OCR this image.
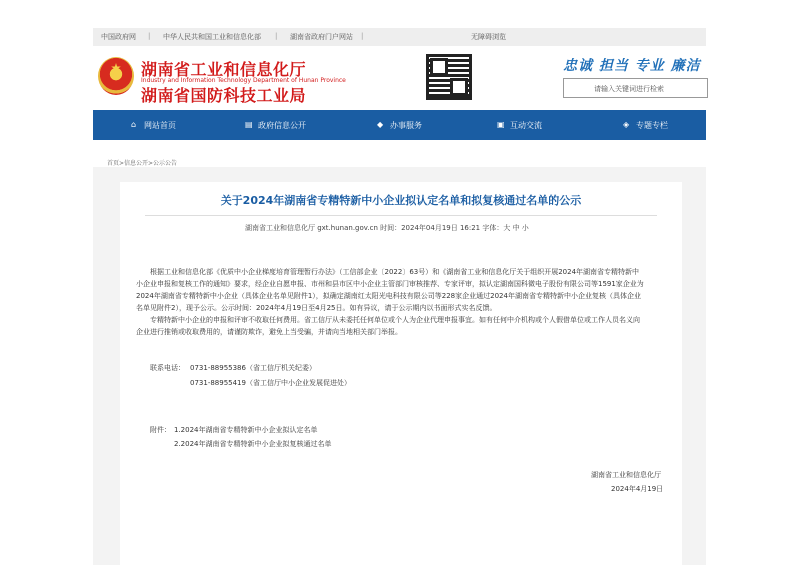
中国政府网 | 中华人民共和国工业和信息化部 | 湖南省政府门户网站 |	无障碍浏览
湖南省工业和信息化厅
Industry and Information Technology Department of Hunan Province
湖南省国防科技工业局
忠诚 担当 专业 廉洁
请输入关键词进行检索
⌂ 网站首页	▤ 政府信息公开	◆ 办事服务	▣ 互动交流	◈ 专题专栏
首页>信息公开>公示公告
关于2024年湖南省专精特新中小企业拟认定名单和拟复核通过名单的公示
湖南省工业和信息化厅 gxt.hunan.gov.cn 时间：2024年04月19日 16:21 字体：大 中 小
根据工业和信息化部《优质中小企业梯度培育管理暂行办法》（工信部企业〔2022〕63号）和《湖南省工业和信息化厅关于组织开展2024年湖南省专精特新中
小企业申报和复核工作的通知》要求，经企业自愿申报、市州和县市区中小企业主管部门审核推荐、专家评审，拟认定湖南国科微电子股份有限公司等1591家企业为
2024年湖南省专精特新中小企业（具体企业名单见附件1），拟确定湖南红太阳光电科技有限公司等228家企业通过2024年湖南省专精特新中小企业复核（具体企业
名单见附件2），现予公示。公示时间：2024年4月19日至4月25日。如有异议，请于公示期内以书面形式实名反馈。
专精特新中小企业的申报和评审不收取任何费用。省工信厅从未委托任何单位或个人为企业代理申报事宜。如有任何中介机构或个人假借单位或工作人员名义向
企业进行推销或收取费用的，请谨防欺诈，避免上当受骗，并请向当地相关部门举报。
联系电话： 0731-88955386（省工信厅机关纪委）
0731-88955419（省工信厅中小企业发展促进处）
附件： 1.2024年湖南省专精特新中小企业拟认定名单
2.2024年湖南省专精特新中小企业拟复核通过名单
湖南省工业和信息化厅
2024年4月19日
